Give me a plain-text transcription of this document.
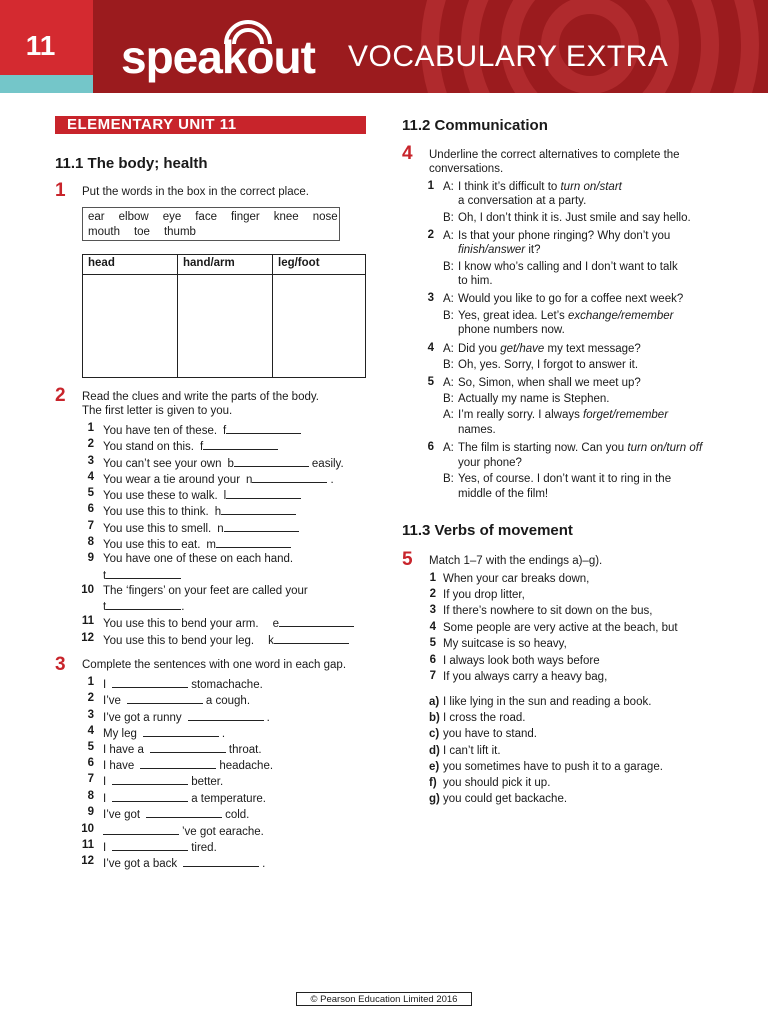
11	speakout VOCABULARY EXTRA
ELEMENTARY UNIT 11
11.1 The body; health
1 Put the words in the box in the correct place.
ear elbow eye face finger knee nose
mouth toe thumb
head	hand/arm	leg/foot

2 Read the clues and write the parts of the body.
The first letter is given to you.
1 You have ten of these. f
2 You stand on this. f
3 You can’t see your own b	easily.
4 You wear a tie around your n	.
5 You use these to walk. l
6 You use this to think. h
7 You use this to smell. n
8 You use this to eat. m
9 You have one of these on each hand.
t
10 The ‘fingers’ on your feet are called your
t	.
11 You use this to bend your arm. e
12 You use this to bend your leg. k
3 Complete the sentences with one word in each gap.
1 I	stomachache.
2 I’ve	a cough.
3 I’ve got a runny	.
4 My leg	.
5 I have a	throat.
6 I have	headache.
7 I	better.
8 I	a temperature.
9 I’ve got	cold.
10	’ve got earache.
11 I	tired.
12 I’ve got a back	.
11.2 Communication
4 Underline the correct alternatives to complete the
conversations.
1 A: I think it’s difficult to turn on/start
a conversation at a party.
B: Oh, I don’t think it is. Just smile and say hello.
2 A: Is that your phone ringing? Why don’t you
finish/answer it?
B: I know who’s calling and I don’t want to talk
to him.
3 A: Would you like to go for a coffee next week?
B: Yes, great idea. Let’s exchange/remember
phone numbers now.
4 A: Did you get/have my text message?
B: Oh, yes. Sorry, I forgot to answer it.
5 A: So, Simon, when shall we meet up?
B: Actually my name is Stephen.
A: I’m really sorry. I always forget/remember
names.
6 A: The film is starting now. Can you turn on/turn off
your phone?
B: Yes, of course. I don’t want it to ring in the
middle of the film!
11.3 Verbs of movement
5 Match 1–7 with the endings a)–g).
1 When your car breaks down,
2 If you drop litter,
3 If there’s nowhere to sit down on the bus,
4 Some people are very active at the beach, but
5 My suitcase is so heavy,
6 I always look both ways before
7 If you always carry a heavy bag,
a) I like lying in the sun and reading a book.
b) I cross the road.
c) you have to stand.
d) I can’t lift it.
e) you sometimes have to push it to a garage.
f) you should pick it up.
g) you could get backache.
© Pearson Education Limited 2016
